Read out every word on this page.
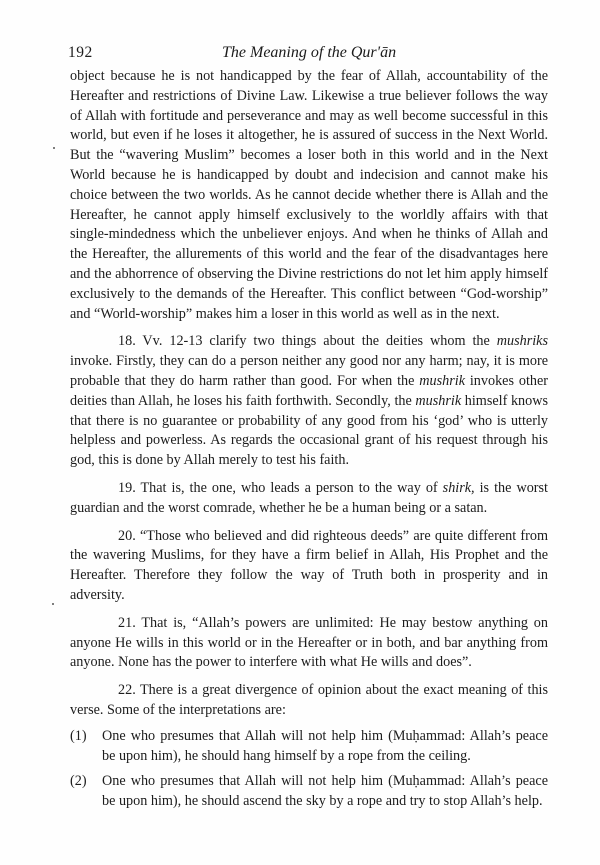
192	The Meaning of the Qur'ān

object because he is not handicapped by the fear of Allah, accountability of the Hereafter and restrictions of Divine Law. Likewise a true believer follows the way of Allah with fortitude and perseverance and may as well become successful in this world, but even if he loses it altogether, he is assured of success in the Next World. But the “wavering Muslim” becomes a loser both in this world and in the Next World because he is handicapped by doubt and indecision and cannot make his choice between the two worlds. As he cannot decide whether there is Allah and the Hereafter, he cannot apply himself exclusively to the worldly affairs with that single-mindedness which the unbeliever enjoys. And when he thinks of Allah and the Hereafter, the allurements of this world and the fear of the disadvantages here and the abhorrence of observing the Divine restrictions do not let him apply himself exclusively to the demands of the Hereafter. This conflict between “God-worship” and “World-worship” makes him a loser in this world as well as in the next.

18. Vv. 12-13 clarify two things about the deities whom the mushriks invoke. Firstly, they can do a person neither any good nor any harm; nay, it is more probable that they do harm rather than good. For when the mushrik invokes other deities than Allah, he loses his faith forthwith. Secondly, the mushrik himself knows that there is no guarantee or probability of any good from his ‘god’ who is utterly helpless and powerless. As regards the occasional grant of his request through his god, this is done by Allah merely to test his faith.

19. That is, the one, who leads a person to the way of shirk, is the worst guardian and the worst comrade, whether he be a human being or a satan.

20. “Those who believed and did righteous deeds” are quite different from the wavering Muslims, for they have a firm belief in Allah, His Prophet and the Hereafter. Therefore they follow the way of Truth both in prosperity and in adversity.

21. That is, “Allah’s powers are unlimited: He may bestow anything on anyone He wills in this world or in the Hereafter or in both, and bar anything from anyone. None has the power to interfere with what He wills and does”.

22. There is a great divergence of opinion about the exact meaning of this verse. Some of the interpretations are:

(1) One who presumes that Allah will not help him (Muḥammad: Allah’s peace be upon him), he should hang himself by a rope from the ceiling.
(2) One who presumes that Allah will not help him (Muḥammad: Allah’s peace be upon him), he should ascend the sky by a rope and try to stop Allah’s help.
